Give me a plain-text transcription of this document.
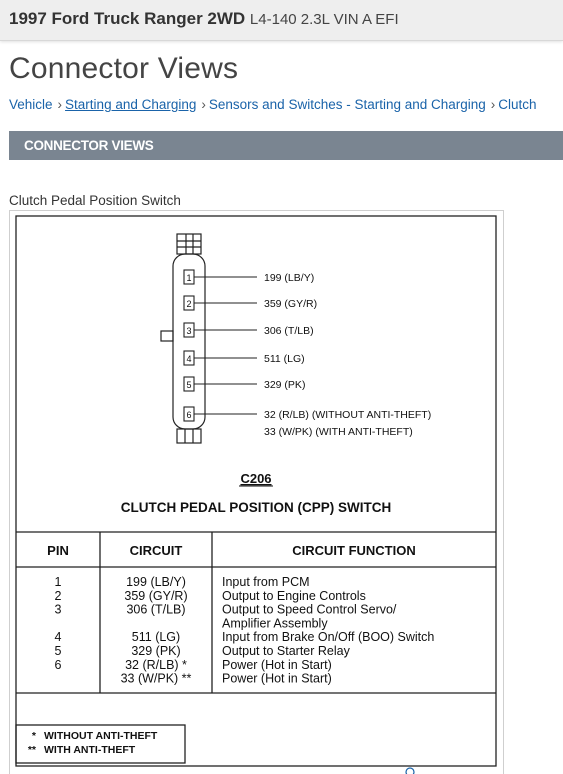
1997 Ford Truck Ranger 2WD L4-140 2.3L VIN A EFI
Connector Views
Vehicle › Starting and Charging › Sensors and Switches - Starting and Charging › Clutch
CONNECTOR VIEWS
Clutch Pedal Position Switch
1	199 (LB/Y)
2	359 (GY/R)
3	306 (T/LB)
4	511 (LG)
5	329 (PK)
6	32 (R/LB) (WITHOUT ANTI-THEFT)
33 (W/PK) (WITH ANTI-THEFT)
C206
CLUTCH PEDAL POSITION (CPP) SWITCH
PIN	CIRCUIT	CIRCUIT FUNCTION
1	199 (LB/Y)	Input from PCM
2	359 (GY/R)	Output to Engine Controls
3	306 (T/LB)	Output to Speed Control Servo/
Amplifier Assembly
4	511 (LG)	Input from Brake On/Off (BOO) Switch
5	329 (PK)	Output to Starter Relay
6	32 (R/LB) *	Power (Hot in Start)
33 (W/PK) ** Power (Hot in Start)
* WITHOUT ANTI-THEFT
** WITH ANTI-THEFT
